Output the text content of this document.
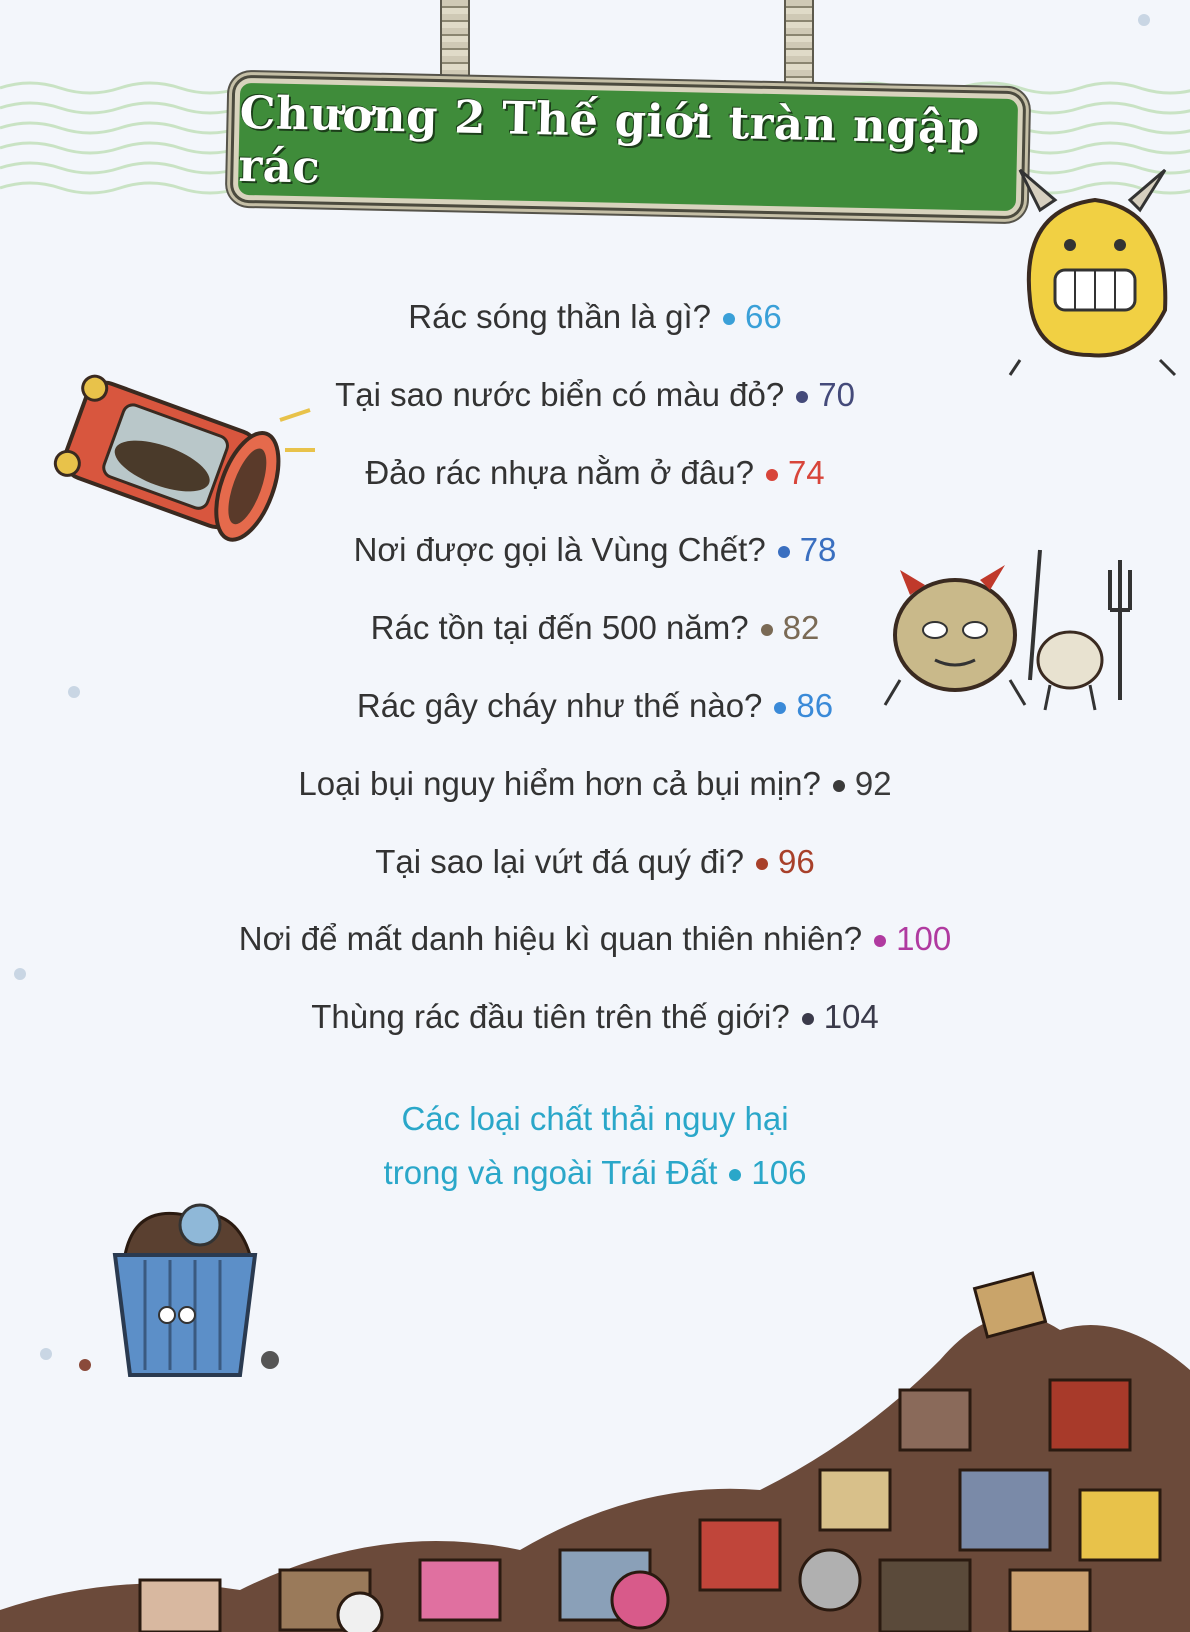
Chương 2 Thế giới tràn ngập rác
Rác sóng thần là gì? 66
Tại sao nước biển có màu đỏ? 70
Đảo rác nhựa nằm ở đâu? 74
Nơi được gọi là Vùng Chết? 78
Rác tồn tại đến 500 năm? 82
Rác gây cháy như thế nào? 86
Loại bụi nguy hiểm hơn cả bụi mịn? 92
Tại sao lại vứt đá quý đi? 96
Nơi để mất danh hiệu kì quan thiên nhiên? 100
Thùng rác đầu tiên trên thế giới? 104
Các loại chất thải nguy hại
trong và ngoài Trái Đất 106
